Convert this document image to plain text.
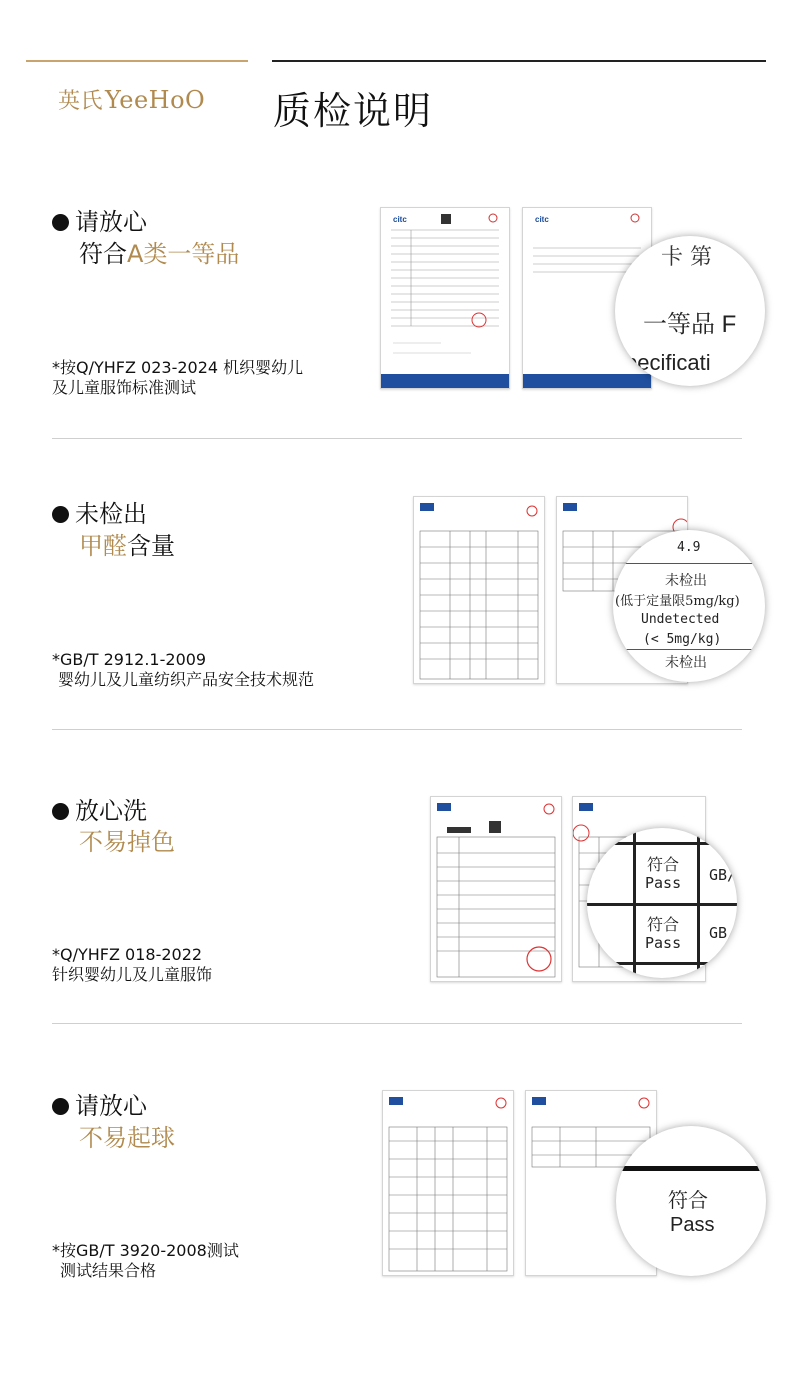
英氏YeeHoO 质检说明
请放心
符合A类一等品
*按Q/YHFZ 023-2024 机织婴幼儿
及儿童服饰标准测试
citc	citc
卡 第
一等品 F
pecificati
未检出
甲醛含量
*GB/T 2912.1-2009
婴幼儿及儿童纺织产品安全技术规范
4.9
未检出
(低于定量限5mg/kg)
Undetected
(< 5mg/kg)
未检出
放心洗
不易掉色
*Q/YHFZ 018-2022
针织婴幼儿及儿童服饰
符合
Pass
符合
Pass
GB/
GB/
请放心
不易起球
*按GB/T 3920-2008测试
测试结果合格
符合
Pass
